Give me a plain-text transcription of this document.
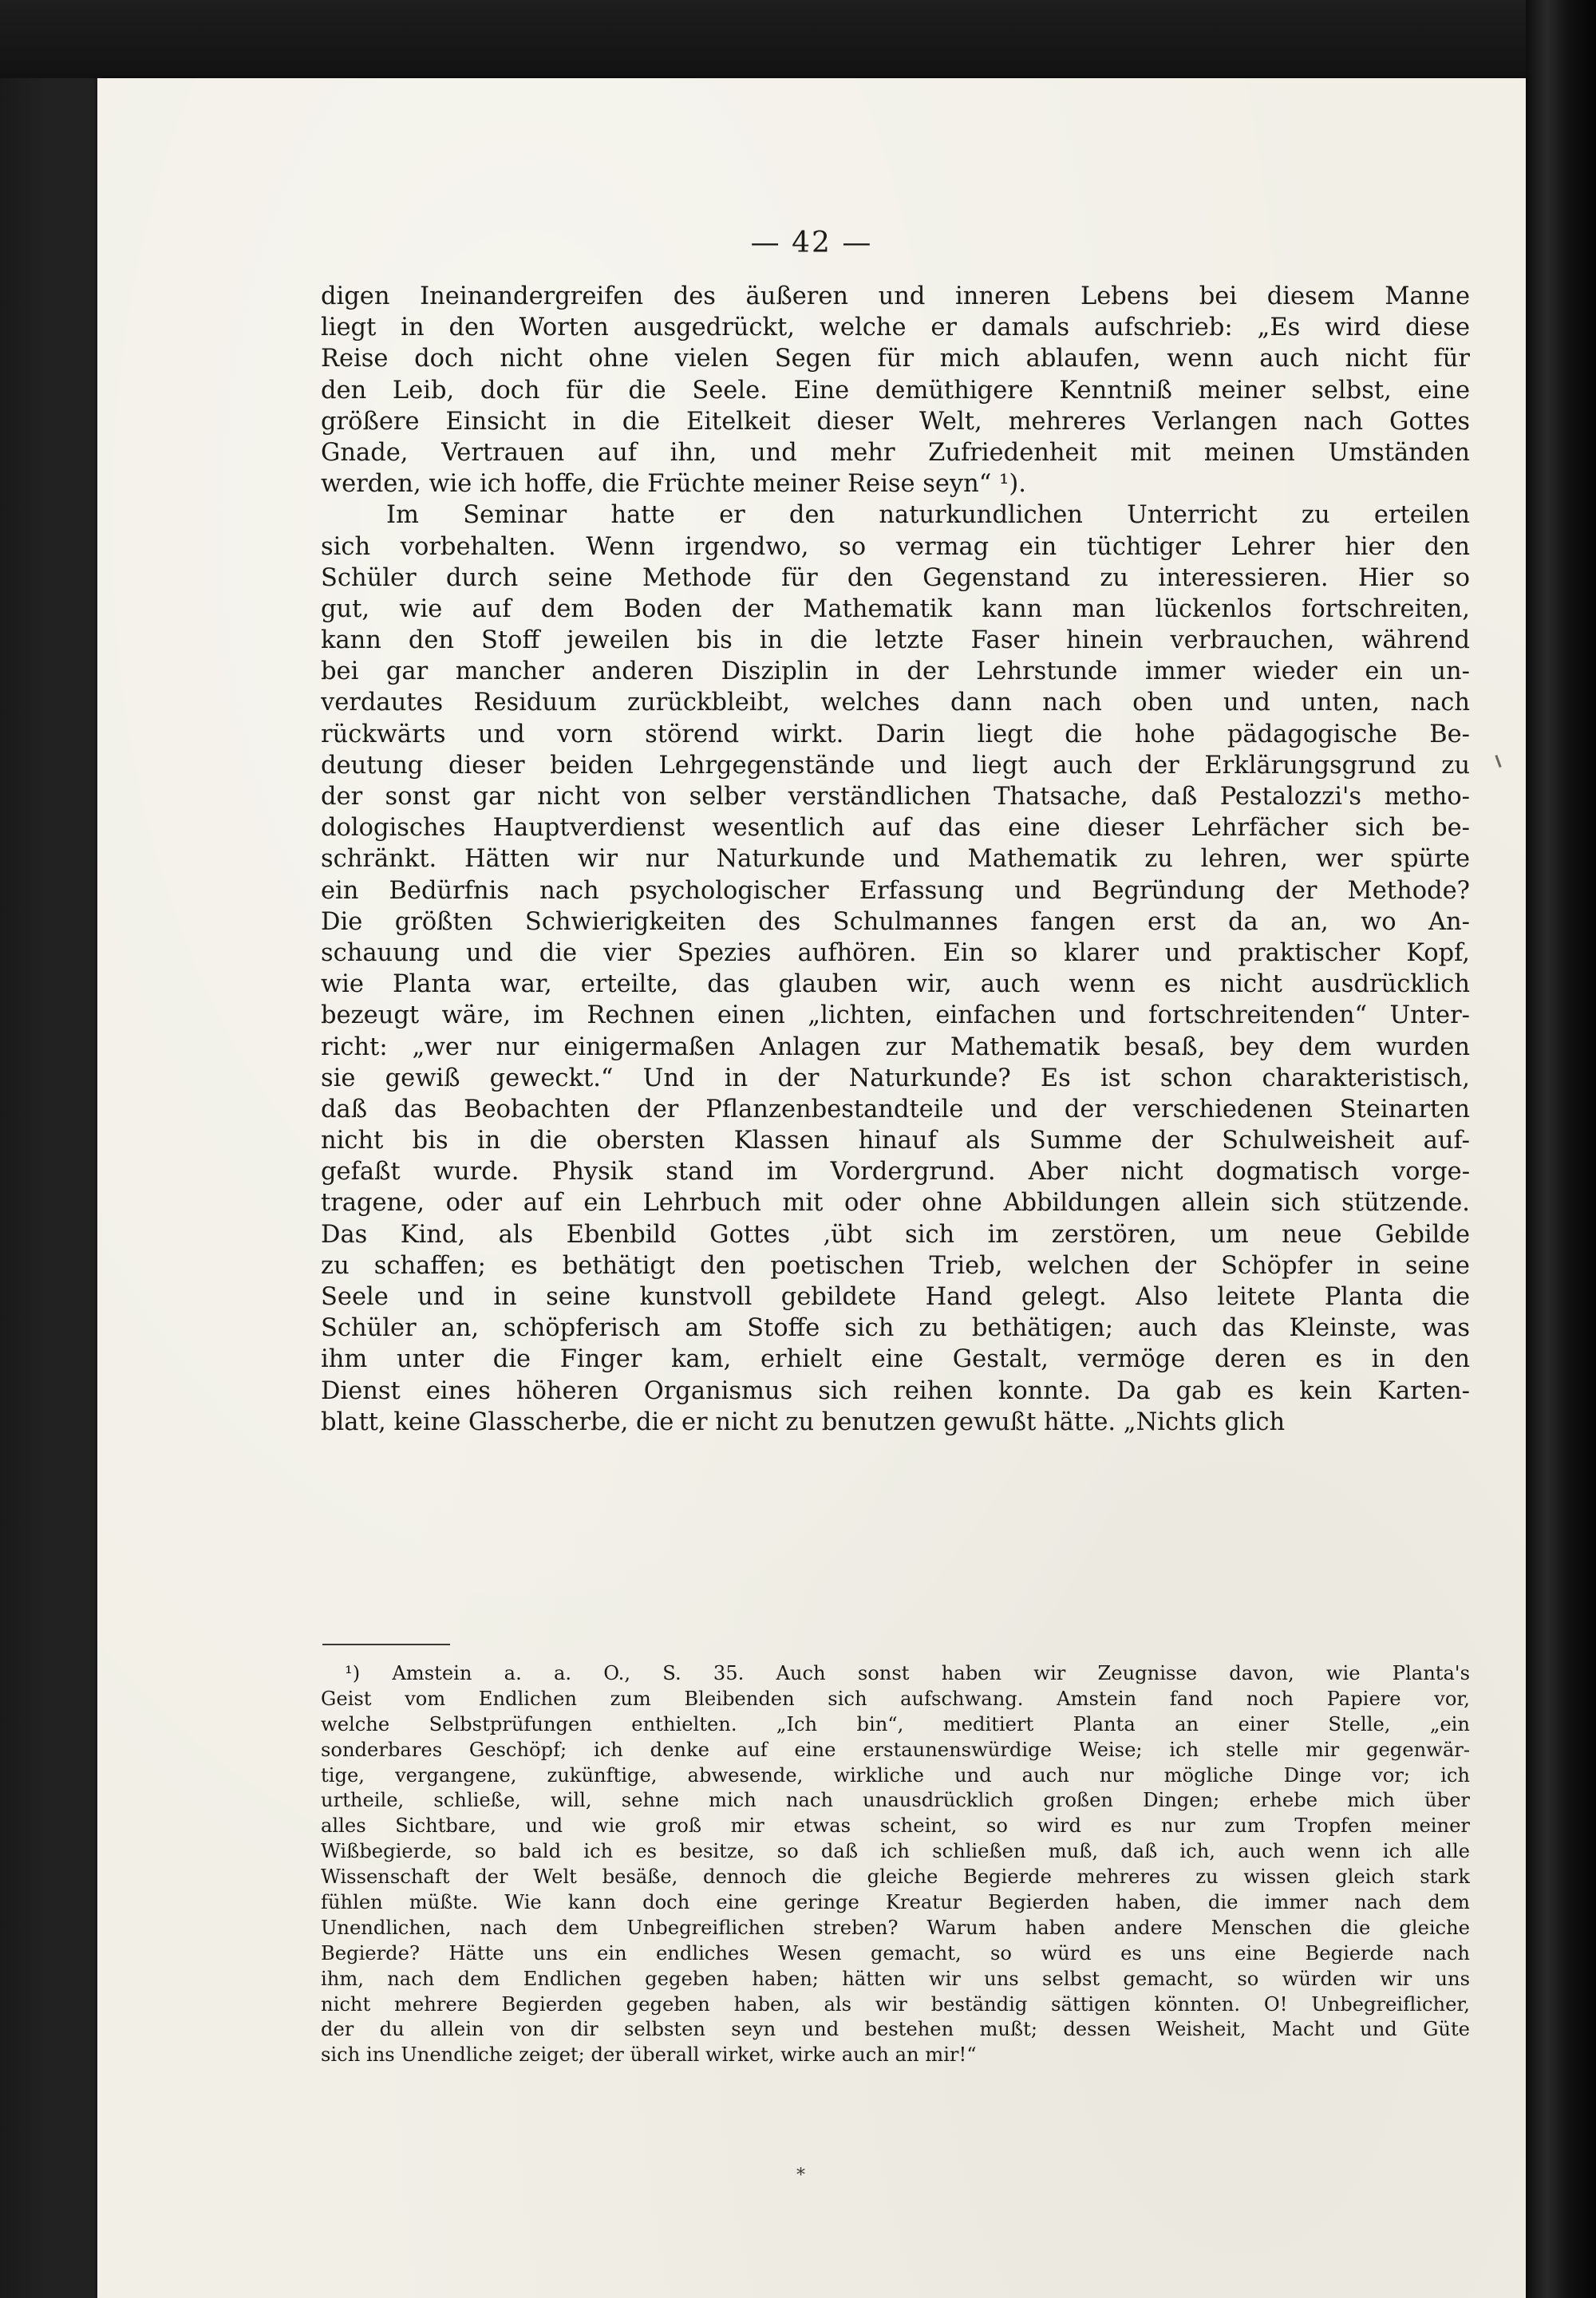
— 42 —
digen Ineinandergreifen des äußeren und inneren Lebens bei diesem Manne
liegt in den Worten ausgedrückt, welche er damals aufschrieb: „Es wird diese
Reise doch nicht ohne vielen Segen für mich ablaufen, wenn auch nicht für
den Leib, doch für die Seele. Eine demüthigere Kenntniß meiner selbst, eine
größere Einsicht in die Eitelkeit dieser Welt, mehreres Verlangen nach Gottes
Gnade, Vertrauen auf ihn, und mehr Zufriedenheit mit meinen Umständen
werden, wie ich hoffe, die Früchte meiner Reise seyn“ ¹).
Im Seminar hatte er den naturkundlichen Unterricht zu erteilen
sich vorbehalten. Wenn irgendwo, so vermag ein tüchtiger Lehrer hier den
Schüler durch seine Methode für den Gegenstand zu interessieren. Hier so
gut, wie auf dem Boden der Mathematik kann man lückenlos fortschreiten,
kann den Stoff jeweilen bis in die letzte Faser hinein verbrauchen, während
bei gar mancher anderen Disziplin in der Lehrstunde immer wieder ein un-
verdautes Residuum zurückbleibt, welches dann nach oben und unten, nach
rückwärts und vorn störend wirkt. Darin liegt die hohe pädagogische Be-
deutung dieser beiden Lehrgegenstände und liegt auch der Erklärungsgrund zu
der sonst gar nicht von selber verständlichen Thatsache, daß Pestalozzi's metho-
dologisches Hauptverdienst wesentlich auf das eine dieser Lehrfächer sich be-
schränkt. Hätten wir nur Naturkunde und Mathematik zu lehren, wer spürte
ein Bedürfnis nach psychologischer Erfassung und Begründung der Methode?
Die größten Schwierigkeiten des Schulmannes fangen erst da an, wo An-
schauung und die vier Spezies aufhören. Ein so klarer und praktischer Kopf,
wie Planta war, erteilte, das glauben wir, auch wenn es nicht ausdrücklich
bezeugt wäre, im Rechnen einen „lichten, einfachen und fortschreitenden“ Unter-
richt: „wer nur einigermaßen Anlagen zur Mathematik besaß, bey dem wurden
sie gewiß geweckt.“ Und in der Naturkunde? Es ist schon charakteristisch,
daß das Beobachten der Pflanzenbestandteile und der verschiedenen Steinarten
nicht bis in die obersten Klassen hinauf als Summe der Schulweisheit auf-
gefaßt wurde. Physik stand im Vordergrund. Aber nicht dogmatisch vorge-
tragene, oder auf ein Lehrbuch mit oder ohne Abbildungen allein sich stützende.
Das Kind, als Ebenbild Gottes ,übt sich im zerstören, um neue Gebilde
zu schaffen; es bethätigt den poetischen Trieb, welchen der Schöpfer in seine
Seele und in seine kunstvoll gebildete Hand gelegt. Also leitete Planta die
Schüler an, schöpferisch am Stoffe sich zu bethätigen; auch das Kleinste, was
ihm unter die Finger kam, erhielt eine Gestalt, vermöge deren es in den
Dienst eines höheren Organismus sich reihen konnte. Da gab es kein Karten-
blatt, keine Glasscherbe, die er nicht zu benutzen gewußt hätte. „Nichts glich
¹) Amstein a. a. O., S. 35. Auch sonst haben wir Zeugnisse davon, wie Planta's
Geist vom Endlichen zum Bleibenden sich aufschwang. Amstein fand noch Papiere vor,
welche Selbstprüfungen enthielten. „Ich bin“, meditiert Planta an einer Stelle, „ein
sonderbares Geschöpf; ich denke auf eine erstaunenswürdige Weise; ich stelle mir gegenwär-
tige, vergangene, zukünftige, abwesende, wirkliche und auch nur mögliche Dinge vor; ich
urtheile, schließe, will, sehne mich nach unausdrücklich großen Dingen; erhebe mich über
alles Sichtbare, und wie groß mir etwas scheint, so wird es nur zum Tropfen meiner
Wißbegierde, so bald ich es besitze, so daß ich schließen muß, daß ich, auch wenn ich alle
Wissenschaft der Welt besäße, dennoch die gleiche Begierde mehreres zu wissen gleich stark
fühlen müßte. Wie kann doch eine geringe Kreatur Begierden haben, die immer nach dem
Unendlichen, nach dem Unbegreiflichen streben? Warum haben andere Menschen die gleiche
Begierde? Hätte uns ein endliches Wesen gemacht, so würd es uns eine Begierde nach
ihm, nach dem Endlichen gegeben haben; hätten wir uns selbst gemacht, so würden wir uns
nicht mehrere Begierden gegeben haben, als wir beständig sättigen könnten. O! Unbegreiflicher,
der du allein von dir selbsten seyn und bestehen mußt; dessen Weisheit, Macht und Güte
sich ins Unendliche zeiget; der überall wirket, wirke auch an mir!“
*
